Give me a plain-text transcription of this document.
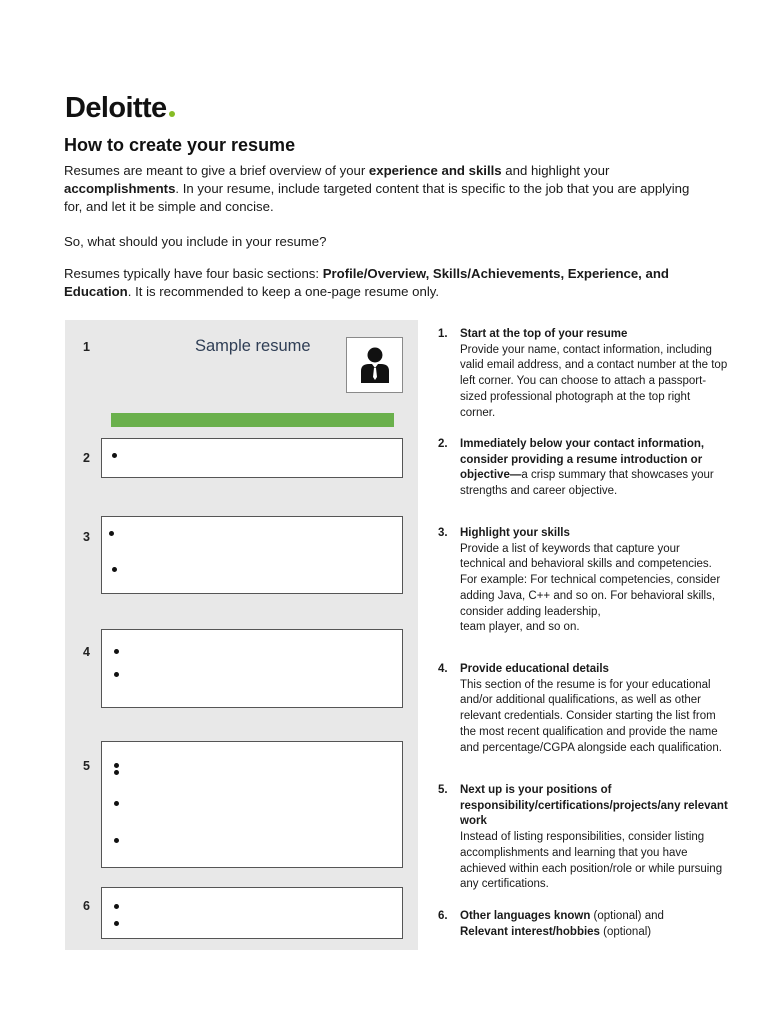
Deloitte
How to create your resume
Resumes are meant to give a brief overview of your experience and skills and highlight your
accomplishments. In your resume, include targeted content that is specific to the job that you are applying for, and let it be simple and concise.
So, what should you include in your resume?
Resumes typically have four basic sections: Profile/Overview, Skills/Achievements, Experience, and Education. It is recommended to keep a one-page resume only.
Sample resume
1
2
3
4
5
6
1. Start at the top of your resume
Provide your name, contact information, including valid email address, and a contact number at the top left corner. You can choose to attach a passport-sized professional photograph at the top right corner.
2. Immediately below your contact information, consider providing a resume introduction or objective—a crisp summary that showcases your strengths and career objective.
3. Highlight your skills
Provide a list of keywords that capture your technical and behavioral skills and competencies. For example: For technical competencies, consider adding Java, C++ and so on. For behavioral skills, consider adding leadership,
team player, and so on.
4. Provide educational details
This section of the resume is for your educational and/or additional qualifications, as well as other relevant credentials. Consider starting the list from the most recent qualification and provide the name and percentage/CGPA alongside each qualification.
5. Next up is your positions of responsibility/certifications/projects/any relevant work
Instead of listing responsibilities, consider listing accomplishments and learning that you have achieved within each position/role or while pursuing any certifications.
6. Other languages known (optional) and
Relevant interest/hobbies (optional)
